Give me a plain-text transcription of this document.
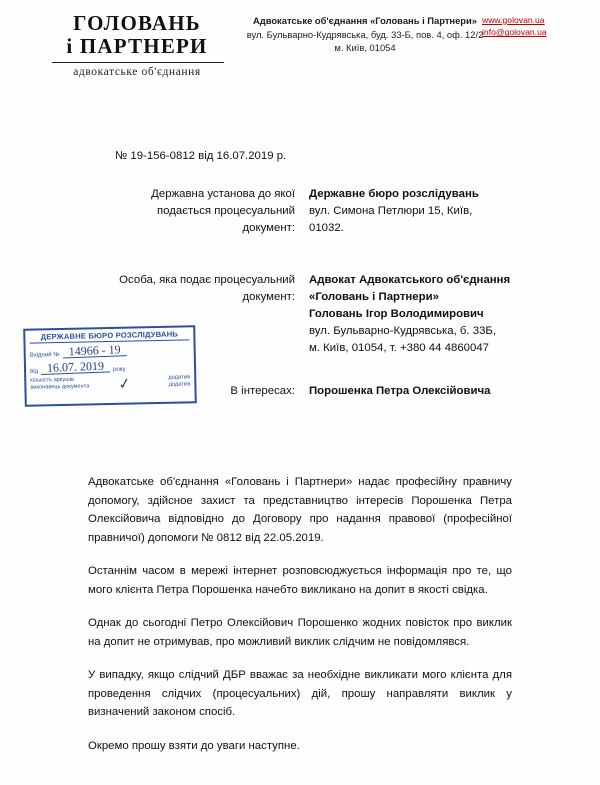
ГОЛОВАНЬ
і ПАРТНЕРИ
адвокатське об'єднання
Адвокатське об'єднання «Головань і Партнери»
вул. Бульварно-Кудрявська, буд. 33-Б, пов. 4, оф. 12/2
м. Київ, 01054
www.golovan.ua
info@golovan.ua
№ 19-156-0812 від 16.07.2019 р.
Державна установа до якої подається процесуальний документ:
Державне бюро розслідувань
вул. Симона Петлюри 15, Київ,
01032.
Особа, яка подає процесуальний документ:
Адвокат Адвокатського об'єднання
«Головань і Партнери»
Головань Ігор Володимирович
вул. Бульварно-Кудрявська, б. 33Б,
м. Київ, 01054, т. +380 44 4860047
В інтересах:	Порошенка Петра Олексійовича
ДЕРЖАВНЕ БЮРО РОЗСЛІДУВАНЬ
Вхідний № 14966 - 19
від 16.07. 2019	року
кількість аркушів	додатків
виконавець документа	додатків
✓

Адвокатське об'єднання «Головань і Партнери» надає професійну правничу допомогу, здійсное захист та представництво інтересів Порошенка Петра Олексійовича відповідно до Договору про надання правової (професійної правничої) допомоги № 0812 від 22.05.2019.

Останнім часом в мережі інтернет розповсюджується інформація про те, що мого клієнта Петра Порошенка начебто викликано на допит в якості свідка.

Однак до сьогодні Петро Олексійович Порошенко жодних повісток про виклик на допит не отримував, про можливий виклик слідчим не повідомлявся.

У випадку, якщо слідчий ДБР вважає за необхідне викликати мого клієнта для проведення слідчих (процесуальних) дій, прошу направляти виклик у визначений законом спосіб.

Окремо прошу взяти до уваги наступне.
